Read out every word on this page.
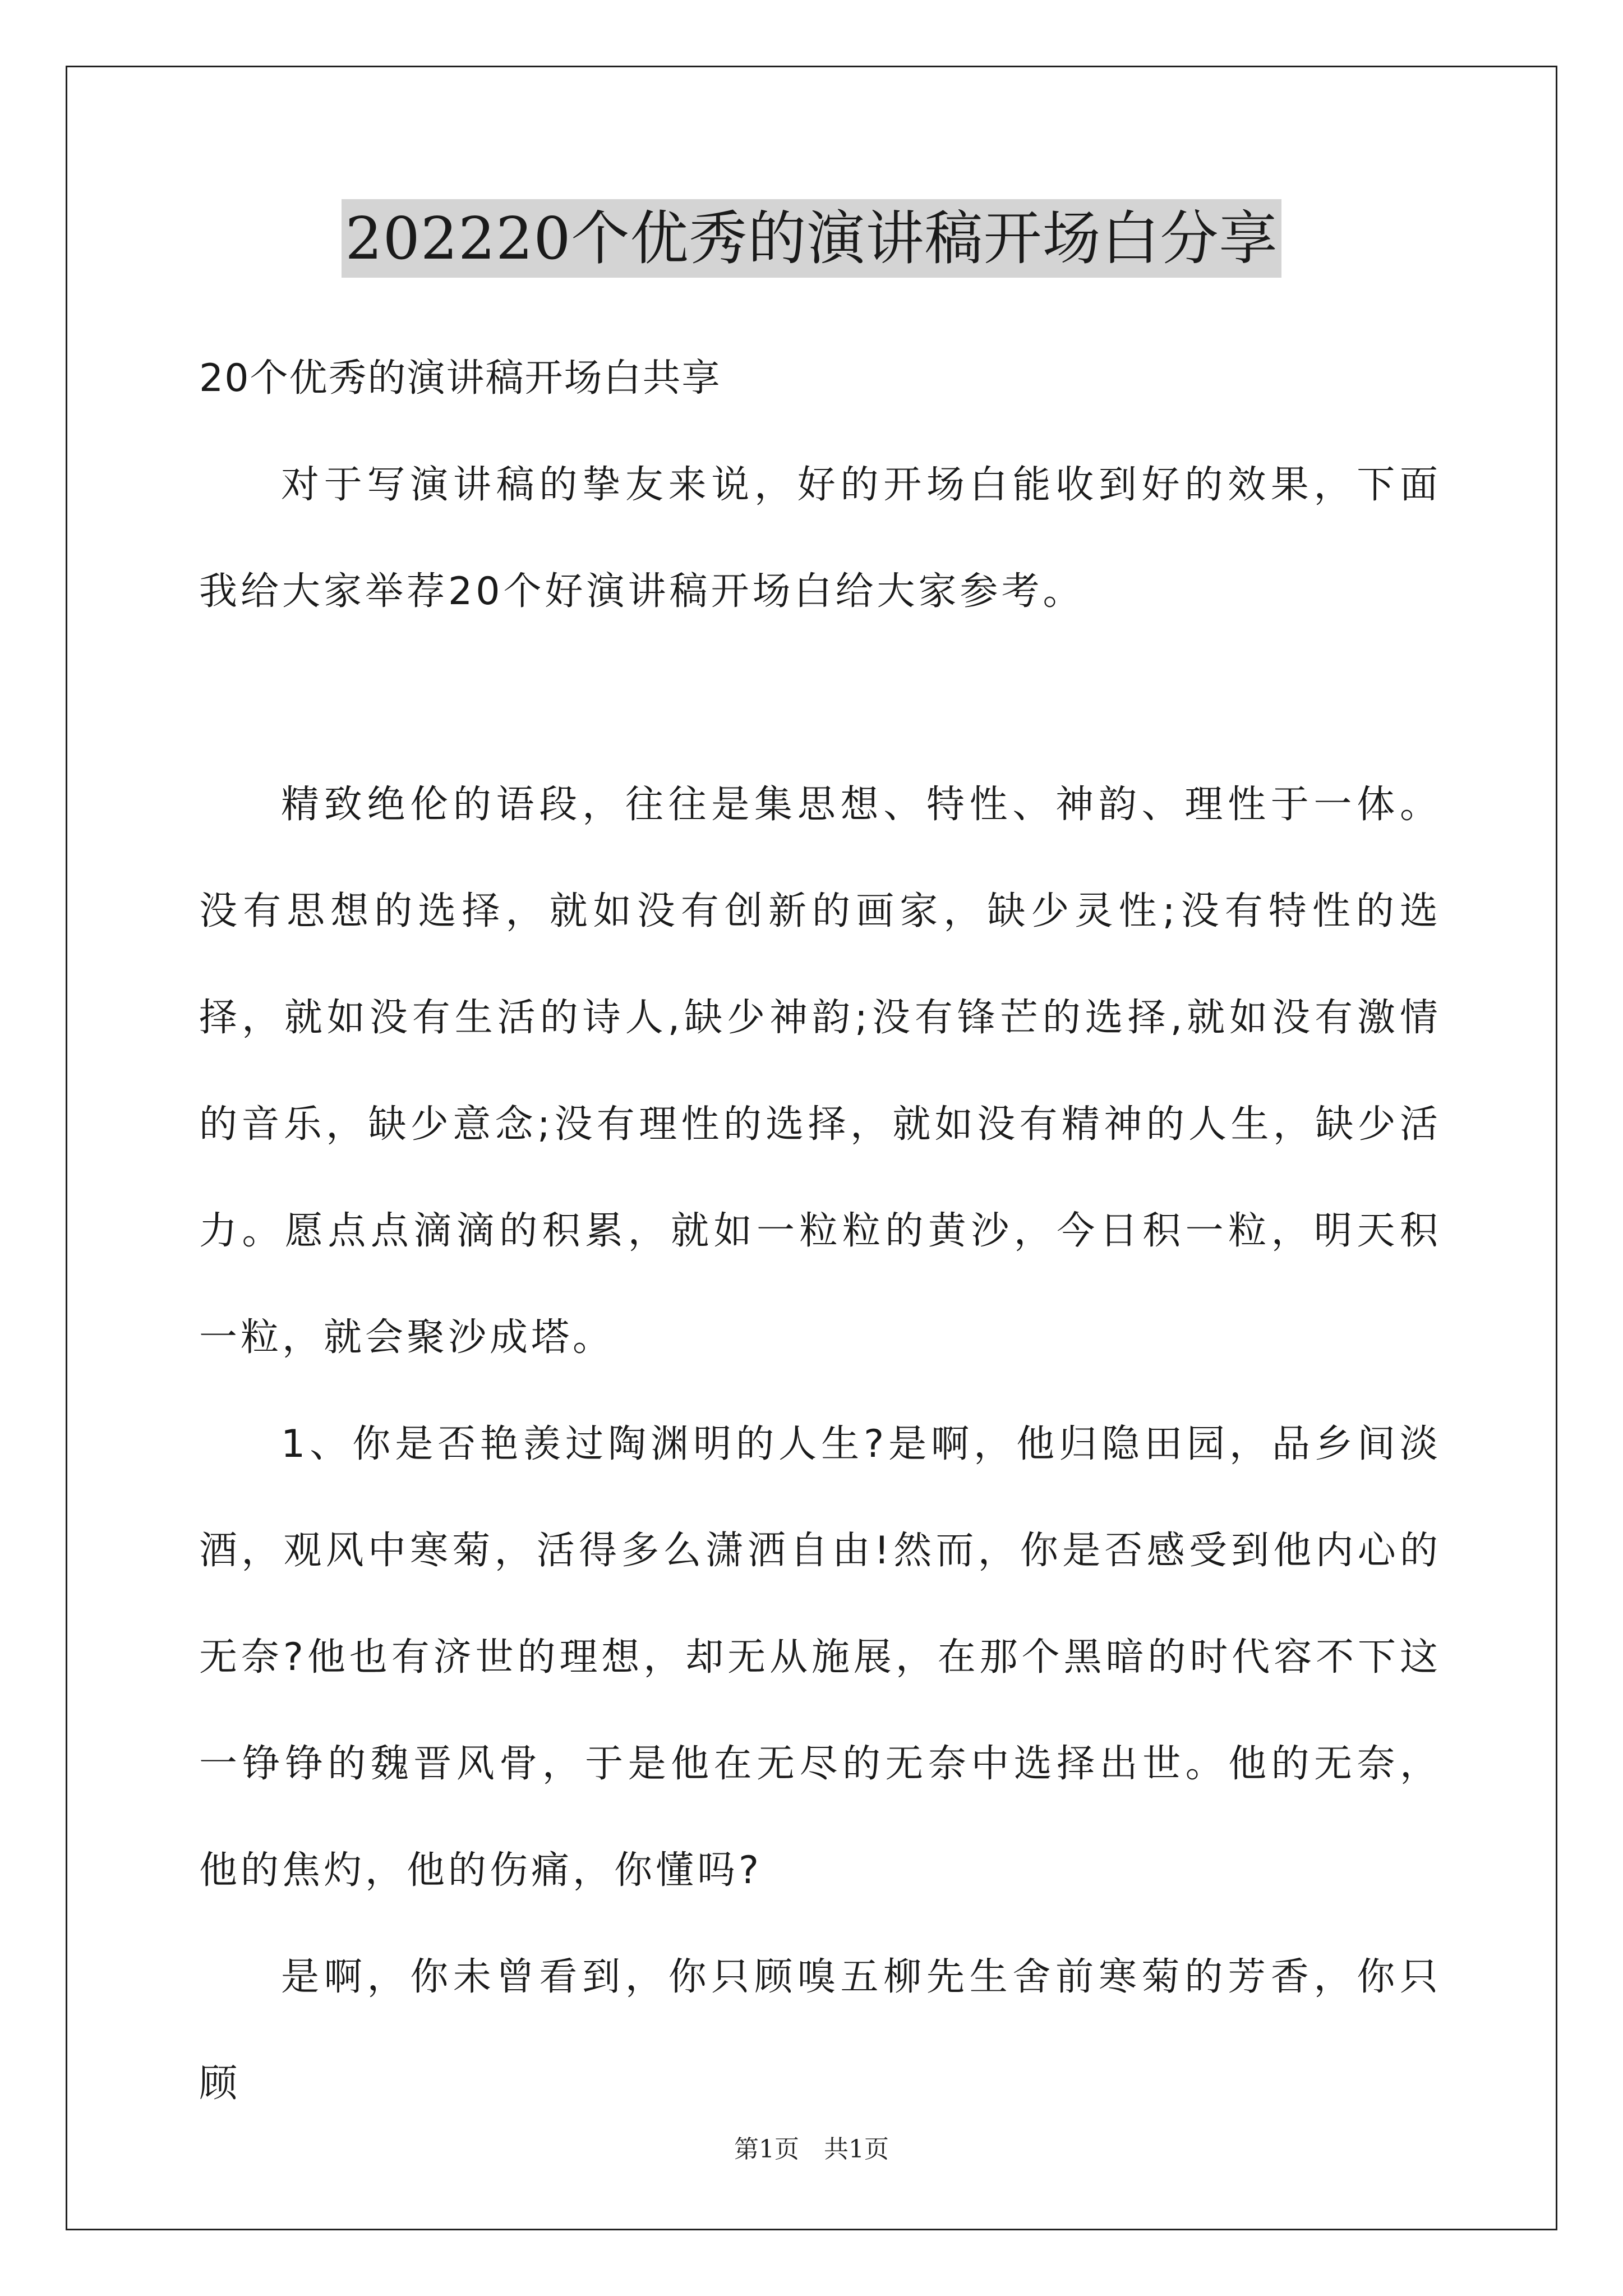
202220个优秀的演讲稿开场白分享

20个优秀的演讲稿开场白共享

对于写演讲稿的挚友来说，好的开场白能收到好的效果，下面我给大家举荐20个好演讲稿开场白给大家参考。

精致绝伦的语段，往往是集思想、特性、神韵、理性于一体。没有思想的选择，就如没有创新的画家，缺少灵性;没有特性的选择，就如没有生活的诗人,缺少神韵;没有锋芒的选择,就如没有激情的音乐，缺少意念;没有理性的选择，就如没有精神的人生，缺少活力。愿点点滴滴的积累，就如一粒粒的黄沙，今日积一粒，明天积一粒，就会聚沙成塔。

1、你是否艳羡过陶渊明的人生?是啊，他归隐田园，品乡间淡酒，观风中寒菊，活得多么潇洒自由!然而，你是否感受到他内心的无奈?他也有济世的理想，却无从施展，在那个黑暗的时代容不下这一铮铮的魏晋风骨，于是他在无尽的无奈中选择出世。他的无奈，他的焦灼，他的伤痛，你懂吗?

是啊，你未曾看到，你只顾嗅五柳先生舍前寒菊的芳香，你只顾

第1页　共1页
